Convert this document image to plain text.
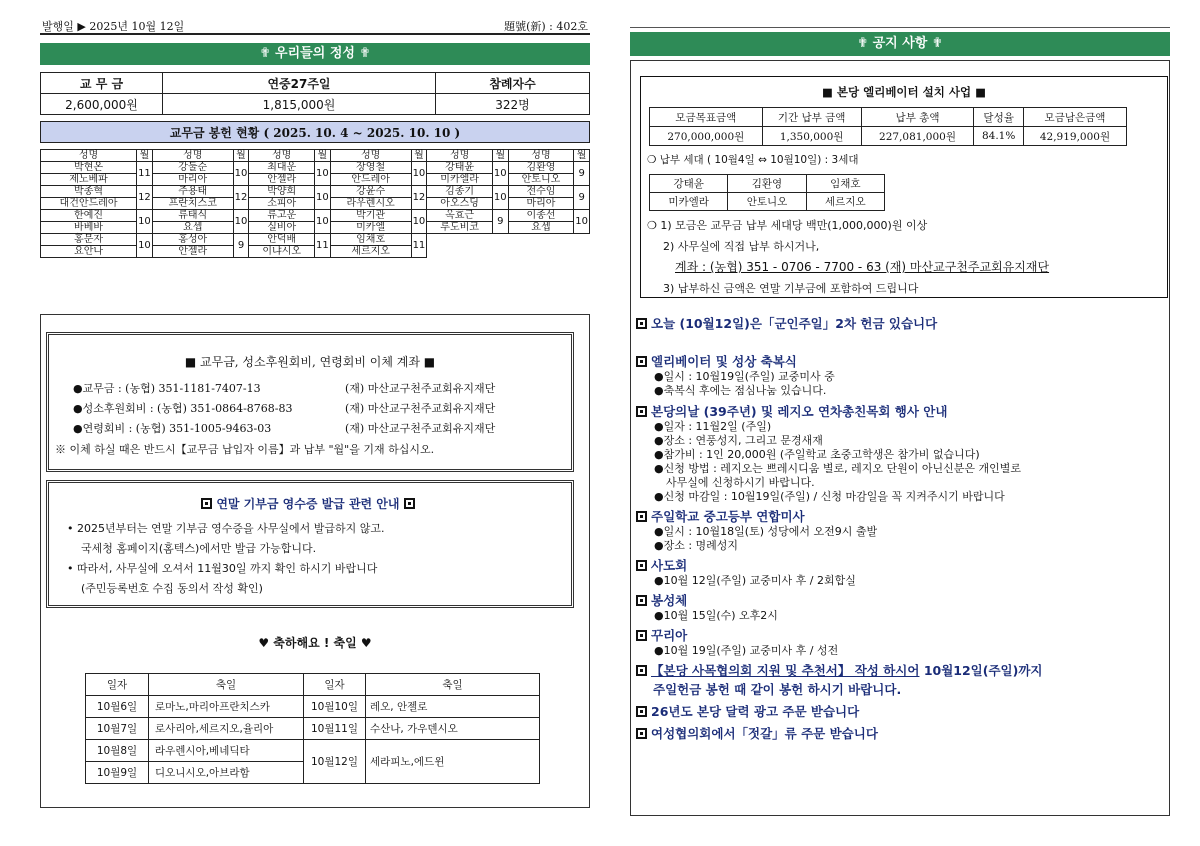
발행일 ▶ 2025년 10월 12일	題號(新) : 402호
✟ 우리들의 정성 ✟
교 무 금	연중27주일	참례자수
2,600,000원	1,815,000원	322명
교무금 봉헌 현황 ( 2025. 10. 4 ~ 2025. 10. 10 )
성명	월	성명	월	성명	월	성명	월	성명	월	성명	월
박현온	11	강둘순	10	최대운	10	장영철	10	강태윤	10	김환영	9
제노베파		마리아		안젤라		안드레아		미카엘라		안토니오	
박종혁	12	주용태	12	박양희	10	강윤수	12	김종기	10	전수임	9
대건안드레아		프란치스코		소피아		라우렌시오		아오스딩		마리아	
한예진	10	류태식	10	류고운	10	박기관	10	옥효근	9	이종선	10
바베바		요셉		실비아		미카엘		루도비코		요셉	
홍문자	10	홍성아	9	안덕배	11	임채호	11				
요안나		안젤라		이냐시오		세르지오					
■ 교무금, 성소후원회비, 연령회비 이체 계좌 ■
●교무금 : (농협) 351-1181-7407-13	(재) 마산교구천주교회유지재단
●성소후원회비 : (농협) 351-0864-8768-83	(재) 마산교구천주교회유지재단
●연령회비 : (농협) 351-1005-9463-03	(재) 마산교구천주교회유지재단
※ 이체 하실 때은 반드시【교무금 납입자 이름】과 납부 "월"을 기재 하십시오.
연말 기부금 영수증 발급 관련 안내
• 2025년부터는 연말 기부금 영수증을 사무실에서 발급하지 않고.
국세청 홈페이지(홈텍스)에서만 발급 가능합니다.
• 따라서, 사무실에 오셔서 11월30일 까지 확인 하시기 바랍니다
(주민등록번호 수집 동의서 작성 확인)
♥ 축하해요 ! 축일 ♥
일자	축일	일자	축일
10월6일	로마노,마리아프란치스카	10월10일	레오, 안젤로
10월7일	로사리아,세르지오,율리아	10월11일	수산나, 가우덴시오
10월8일	라우렌시아,베네딕타	10월12일	세라피노,에드윈
10월9일	디오니시오,아브라함		
✟ 공지 사항 ✟
■ 본당 엘리베이터 설치 사업 ■
모금목표금액	기간 납부 금액	납부 총액	달성율	모금남은금액
270,000,000원	1,350,000원	227,081,000원	84.1%	42,919,000원
❍ 납부 세대 ( 10월4일 ⇔ 10월10일) : 3세대
강태윤	김환영	임채호
미카엘라	안토니오	세르지오
❍ 1) 모금은 교무금 납부 세대당 백만(1,000,000)원 이상
2) 사무실에 직접 납부 하시거나,
계좌 : (농협) 351 - 0706 - 7700 - 63 (재) 마산교구천주교회유지재단
3) 납부하신 금액은 연말 기부금에 포함하여 드립니다
오늘 (10월12일)은「군인주일」2차 헌금 있습니다
엘리베이터 및 성상 축복식
●일시 : 10월19일(주일) 교중미사 중
●축복식 후에는 점심나눔 있습니다.
본당의날 (39주년) 및 레지오 연차총친목회 행사 안내
●일자 : 11월2일 (주일)
●장소 : 연풍성지, 그리고 문경새재
●참가비 : 1인 20,000원 (주일학교 초중고학생은 참가비 없습니다)
●신청 방법 : 레지오는 쁘레시디움 별로, 레지오 단원이 아닌신분은 개인별로
사무실에 신청하시기 바랍니다.
●신청 마감일 : 10월19일(주일) / 신청 마감일을 꼭 지켜주시기 바랍니다
주일학교 중고등부 연합미사
●일시 : 10월18일(토) 성당에서 오전9시 출발
●장소 : 명례성지
사도회
●10월 12일(주일) 교중미사 후 / 2회합실
봉성체
●10월 15일(수) 오후2시
꾸리아
●10월 19일(주일) 교중미사 후 / 성전
【본당 사목협의회 지원 및 추천서】 작성 하시어 10월12일(주일)까지
주일헌금 봉헌 때 같이 봉헌 하시기 바랍니다.
26년도 본당 달력 광고 주문 받습니다
여성협의회에서「젓갈」류 주문 받습니다
